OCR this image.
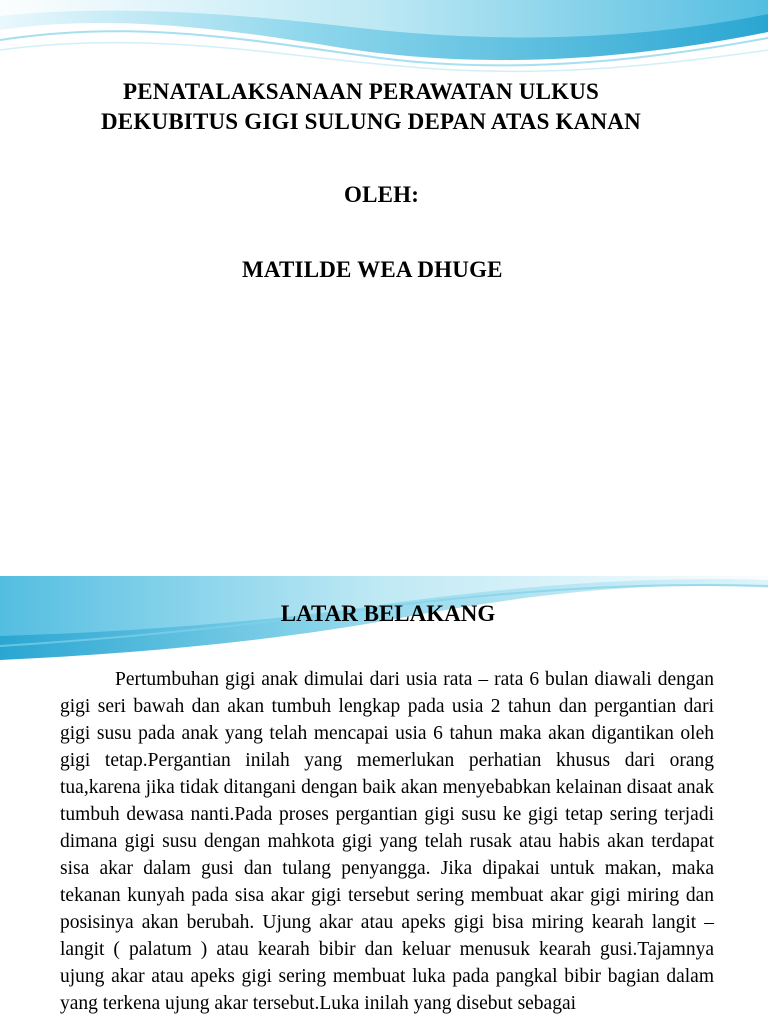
PENATALAKSANAAN PERAWATAN ULKUS
DEKUBITUS GIGI SULUNG DEPAN ATAS KANAN
OLEH:
MATILDE WEA DHUGE
LATAR BELAKANG

Pertumbuhan gigi anak dimulai dari usia rata – rata 6 bulan diawali dengan gigi seri bawah dan akan tumbuh lengkap pada usia 2 tahun dan pergantian dari gigi susu pada anak yang telah mencapai usia 6 tahun maka akan digantikan oleh gigi tetap.Pergantian inilah yang memerlukan perhatian khusus dari orang tua,karena jika tidak ditangani dengan baik akan menyebabkan kelainan disaat anak tumbuh dewasa nanti.Pada proses pergantian gigi susu ke gigi tetap sering terjadi dimana gigi susu dengan mahkota gigi yang telah rusak atau habis akan terdapat sisa akar dalam gusi dan tulang penyangga. Jika dipakai untuk makan, maka tekanan kunyah pada sisa akar gigi tersebut sering membuat akar gigi miring dan posisinya akan berubah. Ujung akar atau apeks gigi bisa miring kearah langit – langit ( palatum ) atau kearah bibir dan keluar menusuk kearah gusi.Tajamnya ujung akar atau apeks gigi sering membuat luka pada pangkal bibir bagian dalam yang terkena ujung akar tersebut.Luka inilah yang disebut sebagai
